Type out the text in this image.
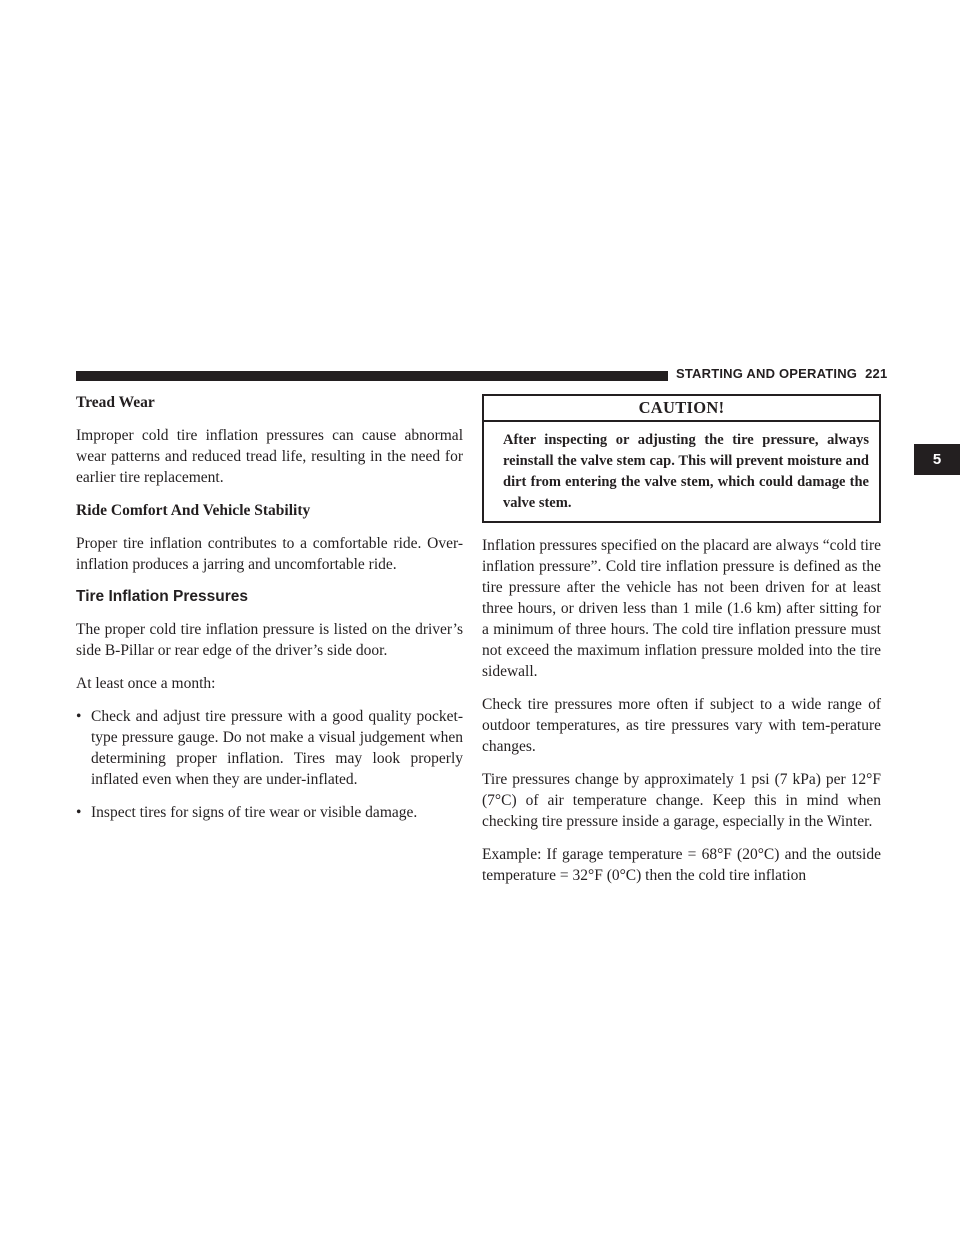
STARTING AND OPERATING 221
5
Tread Wear

Improper cold tire inflation pressures can cause abnormal wear patterns and reduced tread life, resulting in the need for earlier tire replacement.

Ride Comfort And Vehicle Stability

Proper tire inflation contributes to a comfortable ride. Over-inflation produces a jarring and uncomfortable ride.

Tire Inflation Pressures

The proper cold tire inflation pressure is listed on the driver’s side B-Pillar or rear edge of the driver’s side door.

At least once a month:

• Check and adjust tire pressure with a good quality pocket-type pressure gauge. Do not make a visual judgement when determining proper inflation. Tires may look properly inflated even when they are under-inflated.

• Inspect tires for signs of tire wear or visible damage.

CAUTION!
After inspecting or adjusting the tire pressure, always reinstall the valve stem cap. This will prevent moisture and dirt from entering the valve stem, which could damage the valve stem.

Inflation pressures specified on the placard are always “cold tire inflation pressure”. Cold tire inflation pressure is defined as the tire pressure after the vehicle has not been driven for at least three hours, or driven less than 1 mile (1.6 km) after sitting for a minimum of three hours. The cold tire inflation pressure must not exceed the maximum inflation pressure molded into the tire sidewall.

Check tire pressures more often if subject to a wide range of outdoor temperatures, as tire pressures vary with tem-perature changes.

Tire pressures change by approximately 1 psi (7 kPa) per 12°F (7°C) of air temperature change. Keep this in mind when checking tire pressure inside a garage, especially in the Winter.

Example: If garage temperature = 68°F (20°C) and the outside temperature = 32°F (0°C) then the cold tire inflation
